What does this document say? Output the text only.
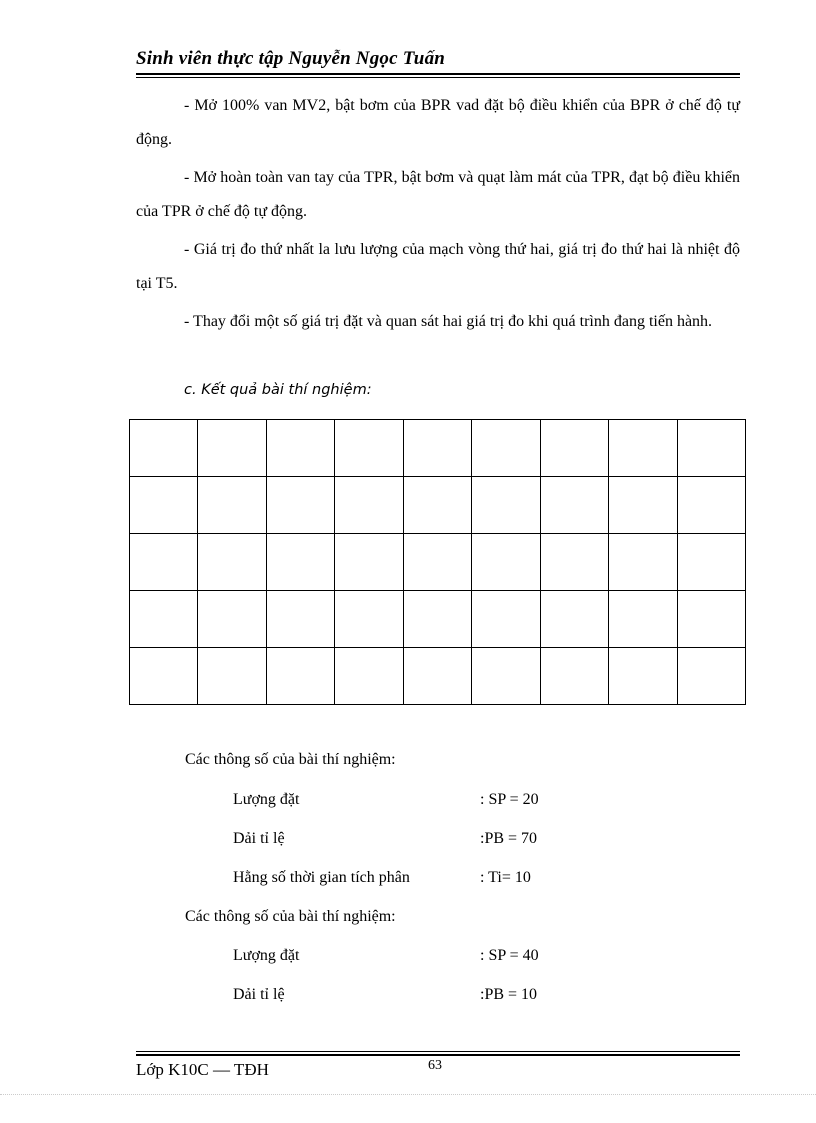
Sinh viên thực tập Nguyễn Ngọc Tuấn
- Mở 100% van MV2, bật bơm của BPR vad đặt bộ điều khiển của BPR ở chế độ tự động.
- Mở hoàn toàn van tay của TPR, bật bơm và quạt làm mát của TPR, đạt bộ điều khiển của TPR ở chế độ tự động.
- Giá trị đo thứ nhất la lưu lượng của mạch vòng thứ hai, giá trị đo thứ hai là nhiệt độ tại T5.
- Thay đổi một số giá trị đặt và quan sát hai giá trị đo khi quá trình đang tiến hành.
c. Kết quả bài thí nghiệm:

Các thông số của bài thí nghiệm:
Lượng đặt	: SP = 20
Dải tỉ lệ	:PB = 70
Hằng số thời gian tích phân	: Ti= 10
Các thông số của bài thí nghiệm:
Lượng đặt	: SP = 40
Dải tỉ lệ	:PB = 10
Lớp K10C — TĐH	63
